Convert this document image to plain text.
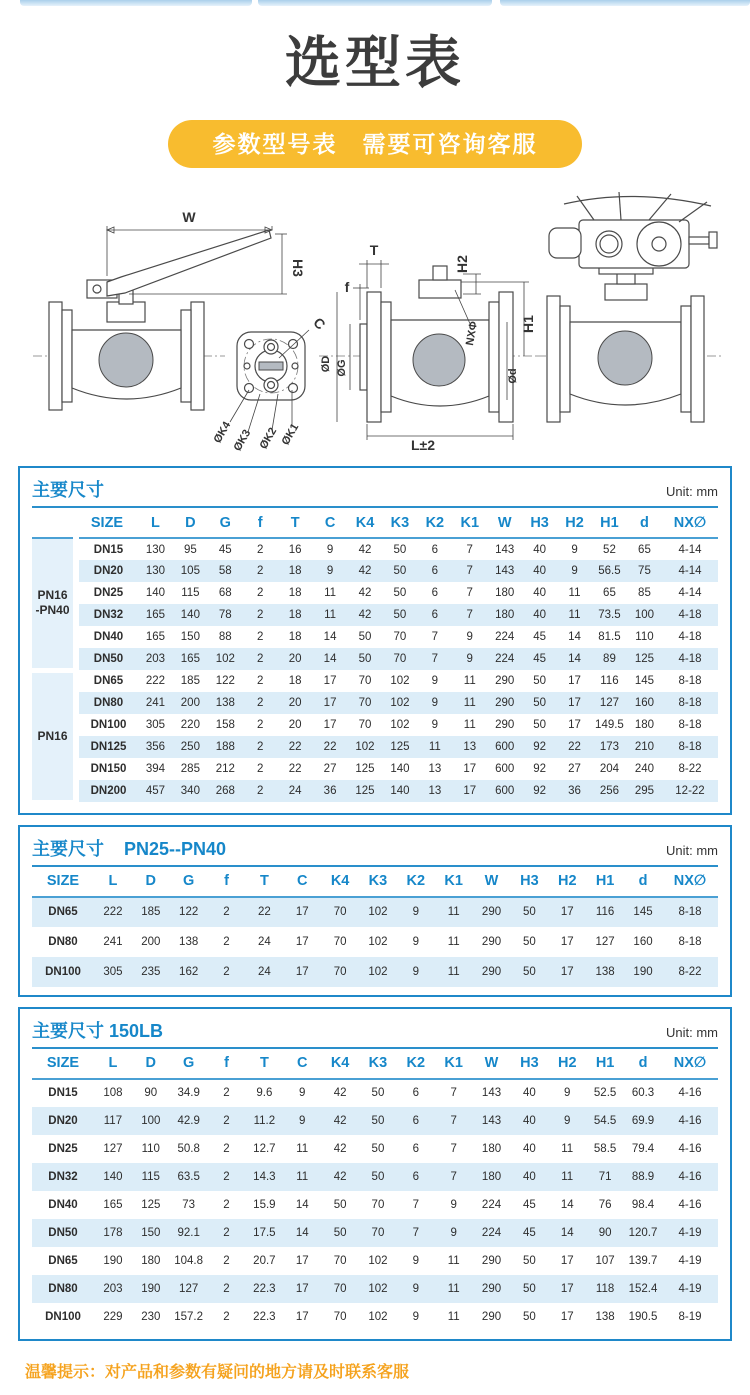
选型表
参数型号表　需要可咨询客服
W
H3
C
ØK4
ØK3 ØK2 ØK1
T
f
ØD ØG
H2
NXΦ	H1
Ød
L±2
主要尺寸	Unit: mm
	SIZE	L	D	G	f	T	C	K4	K3	K2	K1	W	H3	H2	H1	d	NX∅

PN16
-PN40	DN15	130	95	45	2	16	9	42	50	6	7	143	40	9	52	65	4-14
	DN20	130	105	58	2	18	9	42	50	6	7	143	40	9	56.5	75	4-14
	DN25	140	115	68	2	18	11	42	50	6	7	180	40	11	65	85	4-14
	DN32	165	140	78	2	18	11	42	50	6	7	180	40	11	73.5	100	4-18
	DN40	165	150	88	2	18	14	50	70	7	9	224	45	14	81.5	110	4-18
	DN50	203	165	102	2	20	14	50	70	7	9	224	45	14	89	125	4-18

PN16	DN65	222	185	122	2	18	17	70	102	9	11	290	50	17	116	145	8-18
	DN80	241	200	138	2	20	17	70	102	9	11	290	50	17	127	160	8-18
	DN100	305	220	158	2	20	17	70	102	9	11	290	50	17	149.5	180	8-18
	DN125	356	250	188	2	22	22	102	125	11	13	600	92	22	173	210	8-18
	DN150	394	285	212	2	22	27	125	140	13	17	600	92	27	204	240	8-22
	DN200	457	340	268	2	24	36	125	140	13	17	600	92	36	256	295	12-22
主要尺寸 PN25--PN40	Unit: mm
SIZE	L	D	G	f	T	C	K4	K3	K2	K1	W	H3	H2	H1	d	NX∅
DN65	222	185	122	2	22	17	70	102	9	11	290	50	17	116	145	8-18
DN80	241	200	138	2	24	17	70	102	9	11	290	50	17	127	160	8-18
DN100	305	235	162	2	24	17	70	102	9	11	290	50	17	138	190	8-22
主要尺寸 150LB	Unit: mm
SIZE	L	D	G	f	T	C	K4	K3	K2	K1	W	H3	H2	H1	d	NX∅
DN15	108	90	34.9	2	9.6	9	42	50	6	7	143	40	9	52.5	60.3	4-16
DN20	117	100	42.9	2	11.2	9	42	50	6	7	143	40	9	54.5	69.9	4-16
DN25	127	110	50.8	2	12.7	11	42	50	6	7	180	40	11	58.5	79.4	4-16
DN32	140	115	63.5	2	14.3	11	42	50	6	7	180	40	11	71	88.9	4-16
DN40	165	125	73	2	15.9	14	50	70	7	9	224	45	14	76	98.4	4-16
DN50	178	150	92.1	2	17.5	14	50	70	7	9	224	45	14	90	120.7	4-19
DN65	190	180	104.8	2	20.7	17	70	102	9	11	290	50	17	107	139.7	4-19
DN80	203	190	127	2	22.3	17	70	102	9	11	290	50	17	118	152.4	4-19
DN100	229	230	157.2	2	22.3	17	70	102	9	11	290	50	17	138	190.5	8-19

温馨提示：对产品和参数有疑问的地方请及时联系客服
